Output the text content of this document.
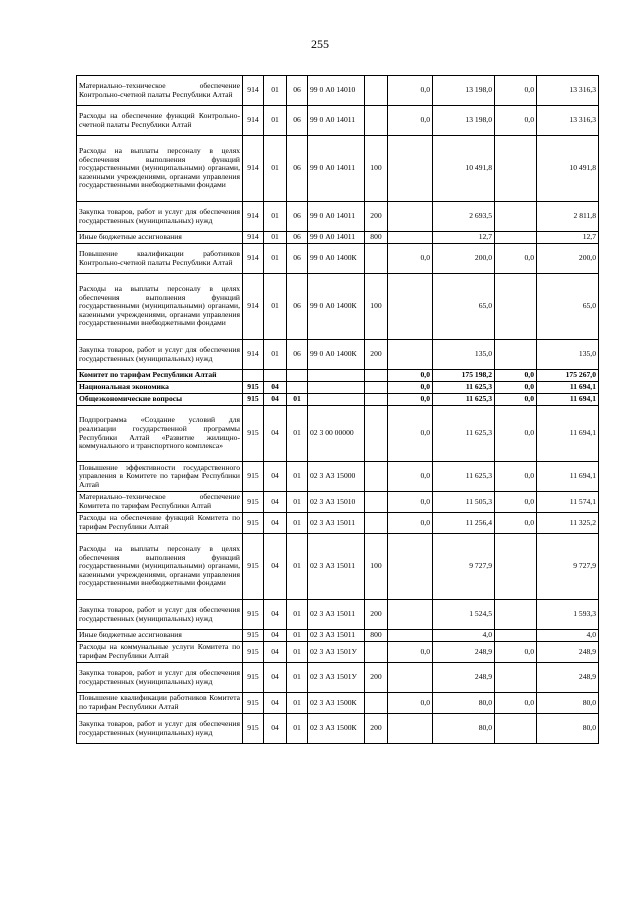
255
Материально–техническое обеспечение Контрольно-счетной палаты Республики Алтай	914	01	06	99 0 А0 14010		0,0	13 198,0	0,0	13 316,3
Расходы на обеспечение функций Контрольно-счетной палаты Республики Алтай	914	01	06	99 0 А0 14011		0,0	13 198,0	0,0	13 316,3
Расходы на выплаты персоналу в целях обеспечения выполнения функций государственными (муниципальными) органами, казенными учреждениями, органами управления государственными внебюджетными фондами	914	01	06	99 0 А0 14011	100		10 491,8		10 491,8
Закупка товаров, работ и услуг для обеспечения государственных (муниципальных) нужд	914	01	06	99 0 А0 14011	200		2 693,5		2 811,8
Иные бюджетные ассигнования	914	01	06	99 0 А0 14011	800		12,7		12,7
Повышение квалификации работников Контрольно-счетной палаты Республики Алтай	914	01	06	99 0 А0 1400К		0,0	200,0	0,0	200,0
Расходы на выплаты персоналу в целях обеспечения выполнения функций государственными (муниципальными) органами, казенными учреждениями, органами управления государственными внебюджетными фондами	914	01	06	99 0 А0 1400К	100		65,0		65,0
Закупка товаров, работ и услуг для обеспечения государственных (муниципальных) нужд	914	01	06	99 0 А0 1400К	200		135,0		135,0
Комитет по тарифам Республики Алтай						0,0	175 198,2	0,0	175 267,0
Национальная экономика	915	04				0,0	11 625,3	0,0	11 694,1
Общеэкономические вопросы	915	04	01			0,0	11 625,3	0,0	11 694,1
Подпрограмма «Создание условий для реализации государственной программы Республики Алтай «Развитие жилищно-коммунального и транспортного комплекса»	915	04	01	02 3 00 00000		0,0	11 625,3	0,0	11 694,1
Повышение эффективности государственного управления в Комитете по тарифам Республики Алтай	915	04	01	02 3 А3 15000		0,0	11 625,3	0,0	11 694,1
Материально–техническое обеспечение Комитета по тарифам Республики Алтай	915	04	01	02 3 А3 15010		0,0	11 505,3	0,0	11 574,1
Расходы на обеспечение функций Комитета по тарифам Республики Алтай	915	04	01	02 3 А3 15011		0,0	11 256,4	0,0	11 325,2
Расходы на выплаты персоналу в целях обеспечения выполнения функций государственными (муниципальными) органами, казенными учреждениями, органами управления государственными внебюджетными фондами	915	04	01	02 3 А3 15011	100		9 727,9		9 727,9
Закупка товаров, работ и услуг для обеспечения государственных (муниципальных) нужд	915	04	01	02 3 А3 15011	200		1 524,5		1 593,3
Иные бюджетные ассигнования	915	04	01	02 3 А3 15011	800		4,0		4,0
Расходы на коммунальные услуги Комитета по тарифам Республики Алтай	915	04	01	02 3 А3 1501У		0,0	248,9	0,0	248,9
Закупка товаров, работ и услуг для обеспечения государственных (муниципальных) нужд	915	04	01	02 3 А3 1501У	200		248,9		248,9
Повышение квалификации работников Комитета по тарифам Республики Алтай	915	04	01	02 3 А3 1500К		0,0	80,0	0,0	80,0
Закупка товаров, работ и услуг для обеспечения государственных (муниципальных) нужд	915	04	01	02 3 А3 1500К	200		80,0		80,0
